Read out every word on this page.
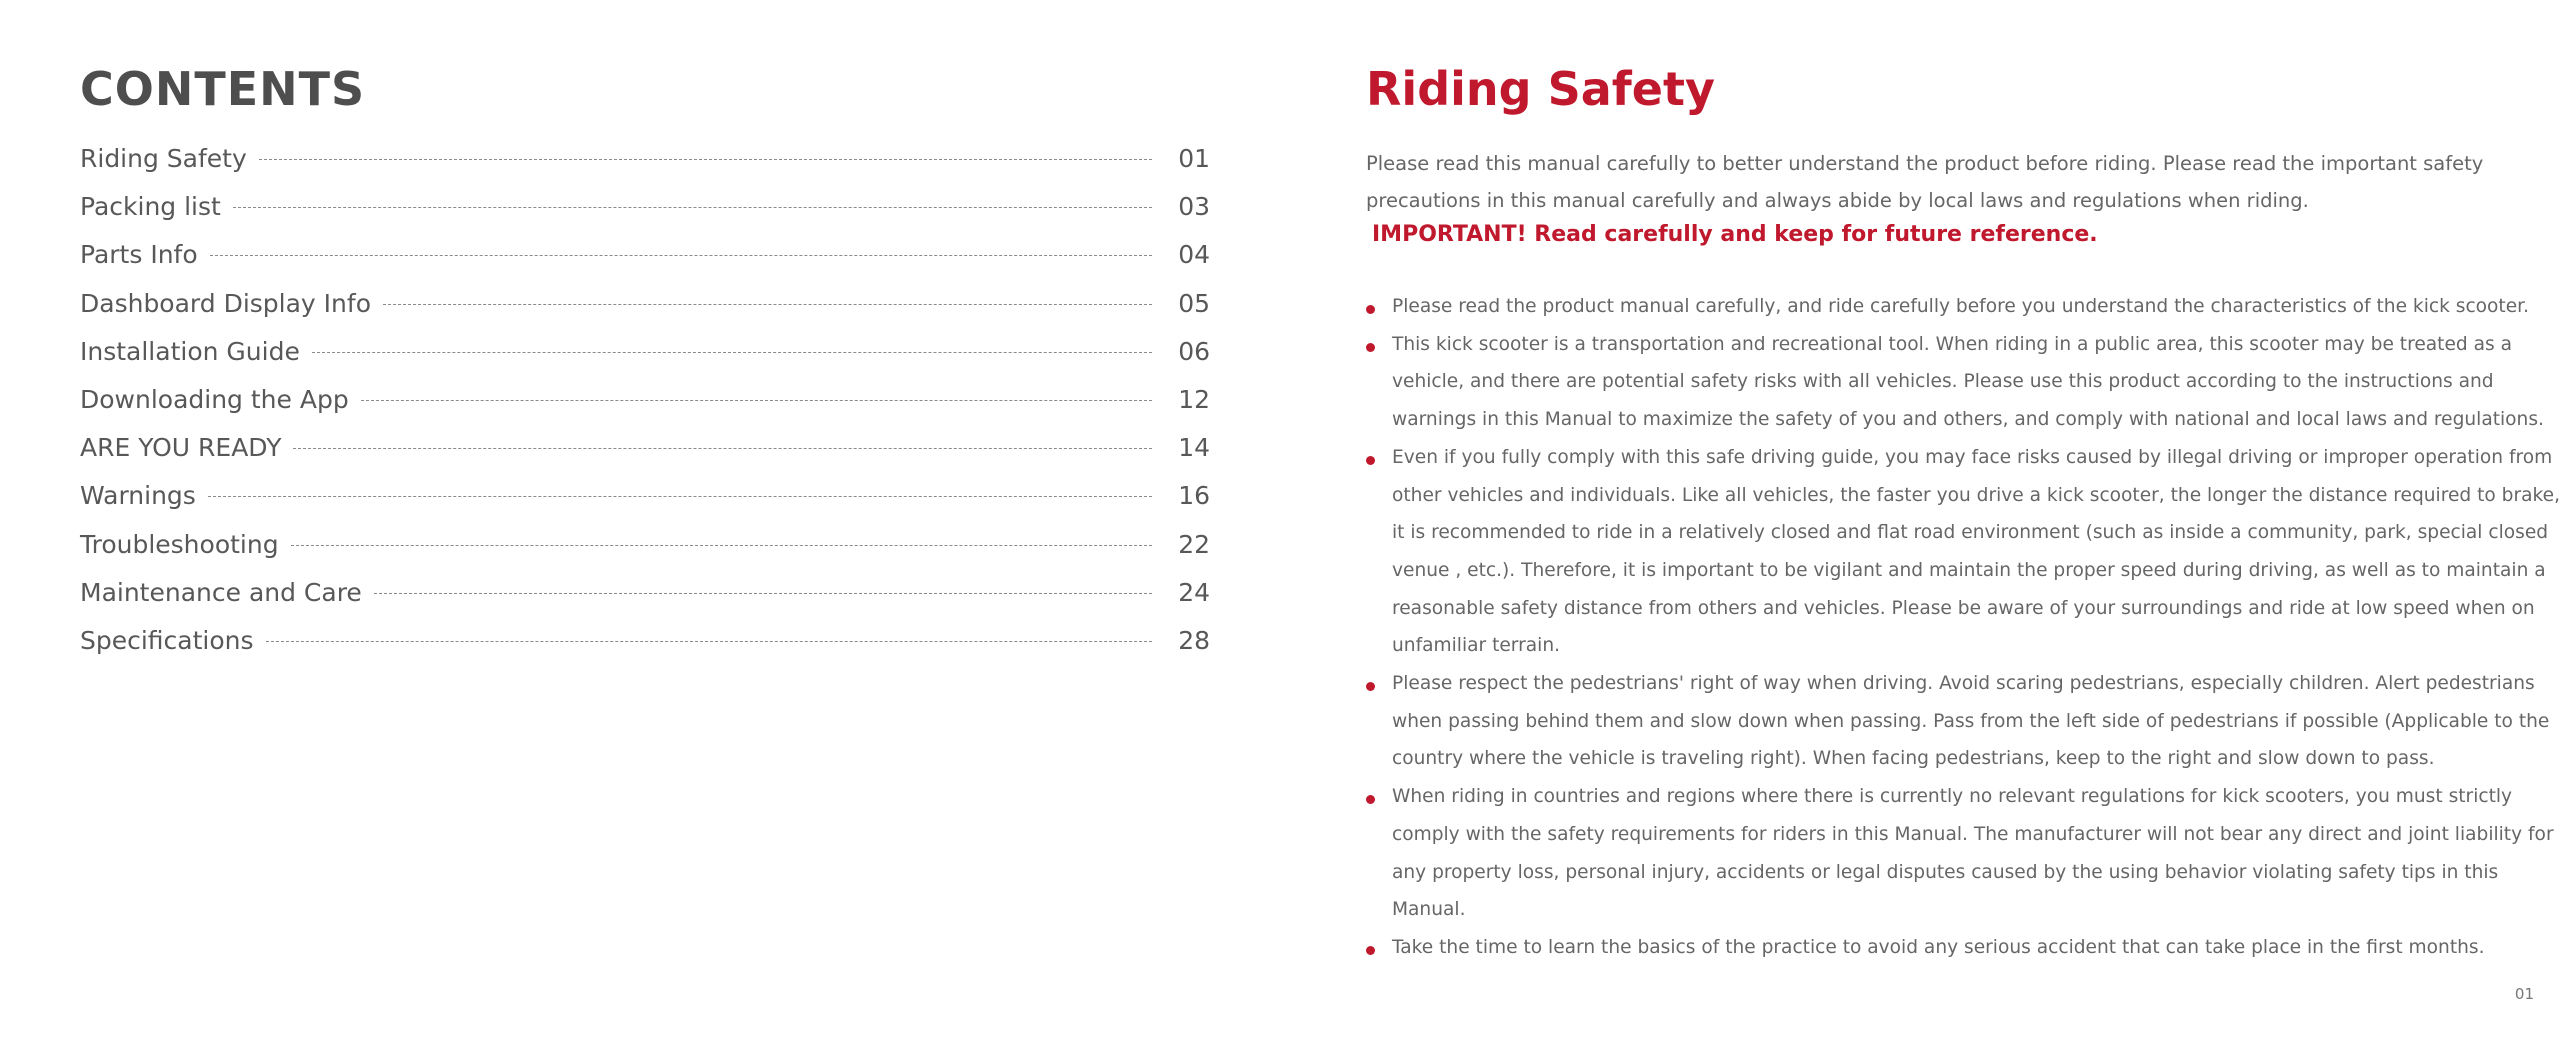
CONTENTS
Riding Safety	01
Packing list	03
Parts Info	04
Dashboard Display Info	05
Installation Guide	06
Downloading the App	12
ARE YOU READY	14
Warnings	16
Troubleshooting	22
Maintenance and Care	24
Specifications	28
Riding Safety

Please read this manual carefully to better understand the product before riding. Please read the important safety precautions in this manual carefully and always abide by local laws and regulations when riding.

IMPORTANT! Read carefully and keep for future reference.

Please read the product manual carefully, and ride carefully before you understand the characteristics of the kick scooter.
This kick scooter is a transportation and recreational tool. When riding in a public area, this scooter may be treated as a vehicle, and there are potential safety risks with all vehicles. Please use this product according to the instructions and warnings in this Manual to maximize the safety of you and others, and comply with national and local laws and regulations.
Even if you fully comply with this safe driving guide, you may face risks caused by illegal driving or improper operation from other vehicles and individuals. Like all vehicles, the faster you drive a kick scooter, the longer the distance required to brake, it is recommended to ride in a relatively closed and flat road environment (such as inside a community, park, special closed venue , etc.). Therefore, it is important to be vigilant and maintain the proper speed during driving, as well as to maintain a reasonable safety distance from others and vehicles. Please be aware of your surroundings and ride at low speed when on unfamiliar terrain.
Please respect the pedestrians' right of way when driving. Avoid scaring pedestrians, especially children. Alert pedestrians when passing behind them and slow down when passing. Pass from the left side of pedestrians if possible (Applicable to the country where the vehicle is traveling right). When facing pedestrians, keep to the right and slow down to pass.
When riding in countries and regions where there is currently no relevant regulations for kick scooters, you must strictly comply with the safety requirements for riders in this Manual. The manufacturer will not bear any direct and joint liability for any property loss, personal injury, accidents or legal disputes caused by the using behavior violating safety tips in this Manual.
Take the time to learn the basics of the practice to avoid any serious accident that can take place in the first months.
01
